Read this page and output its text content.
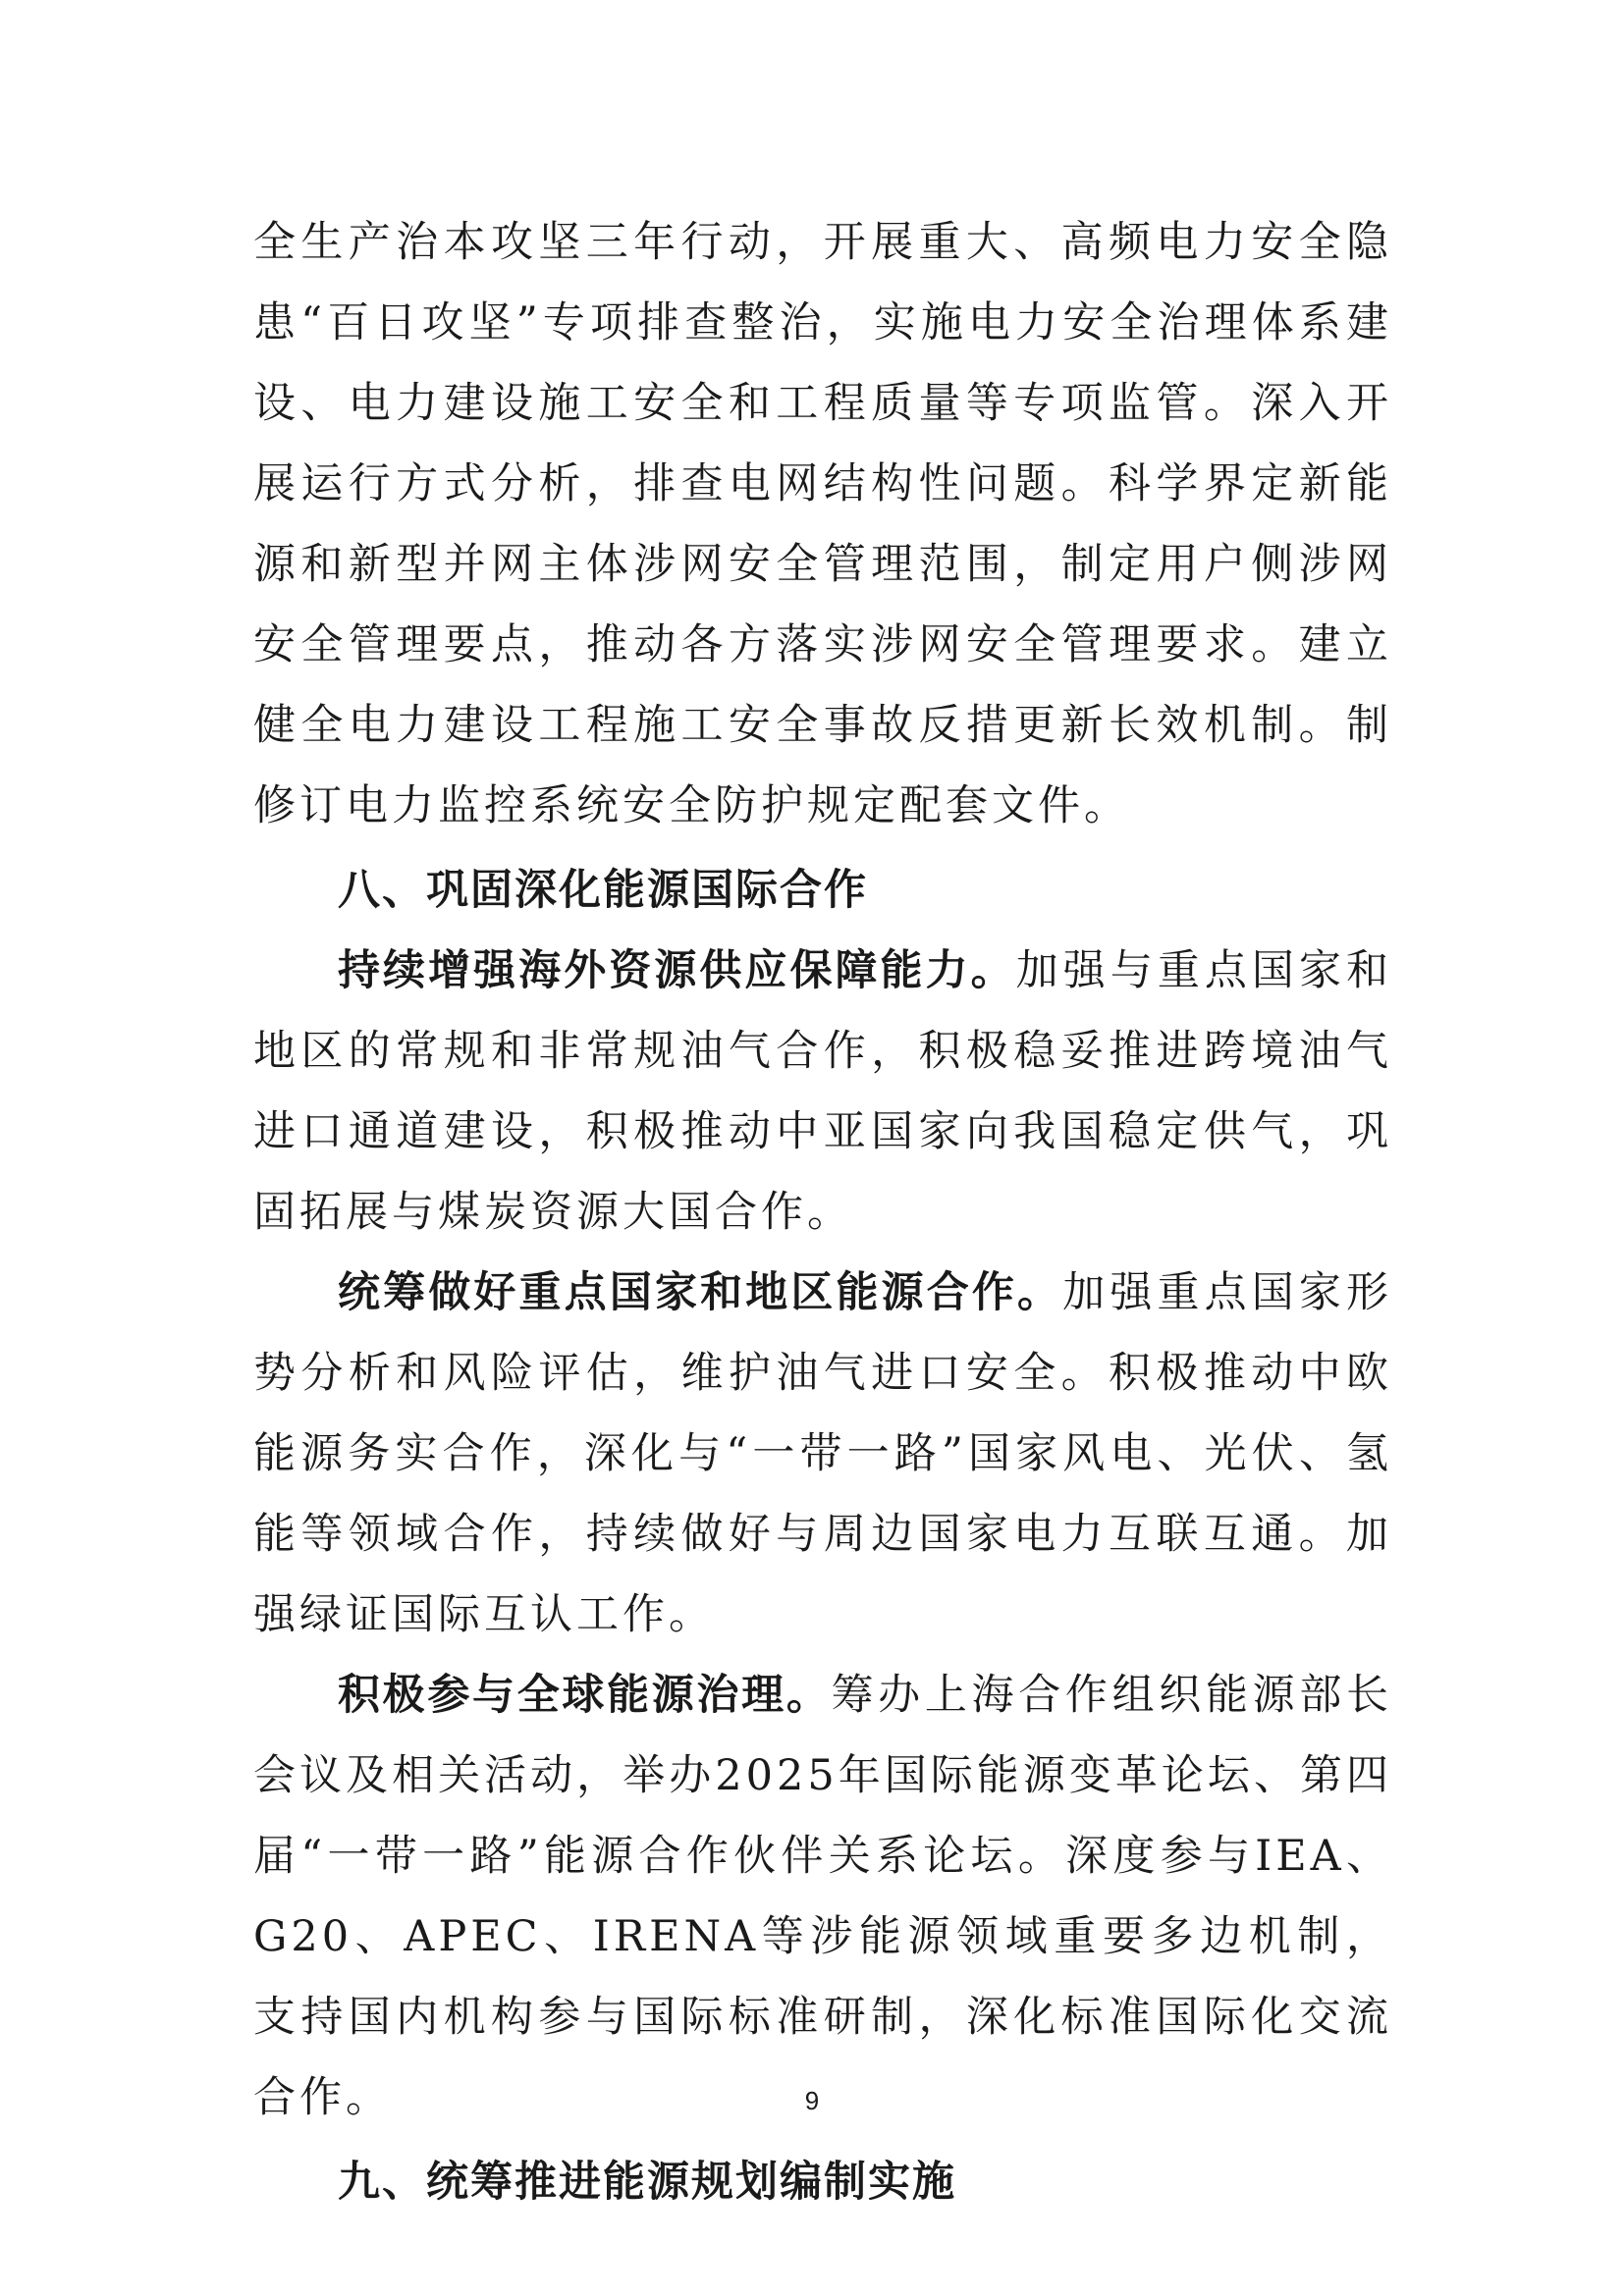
全生产治本攻坚三年行动，开展重大、高频电力安全隐患“百日攻坚”专项排查整治，实施电力安全治理体系建设、电力建设施工安全和工程质量等专项监管。深入开展运行方式分析，排查电网结构性问题。科学界定新能源和新型并网主体涉网安全管理范围，制定用户侧涉网安全管理要点，推动各方落实涉网安全管理要求。建立健全电力建设工程施工安全事故反措更新长效机制。制修订电力监控系统安全防护规定配套文件。

八、巩固深化能源国际合作

持续增强海外资源供应保障能力。加强与重点国家和地区的常规和非常规油气合作，积极稳妥推进跨境油气进口通道建设，积极推动中亚国家向我国稳定供气，巩固拓展与煤炭资源大国合作。

统筹做好重点国家和地区能源合作。加强重点国家形势分析和风险评估，维护油气进口安全。积极推动中欧能源务实合作，深化与“一带一路”国家风电、光伏、氢能等领域合作，持续做好与周边国家电力互联互通。加强绿证国际互认工作。

积极参与全球能源治理。筹办上海合作组织能源部长会议及相关活动，举办2025年国际能源变革论坛、第四届“一带一路”能源合作伙伴关系论坛。深度参与IEA、G20、APEC、IRENA等涉能源领域重要多边机制，支持国内机构参与国际标准研制，深化标准国际化交流合作。

九、统筹推进能源规划编制实施

9
